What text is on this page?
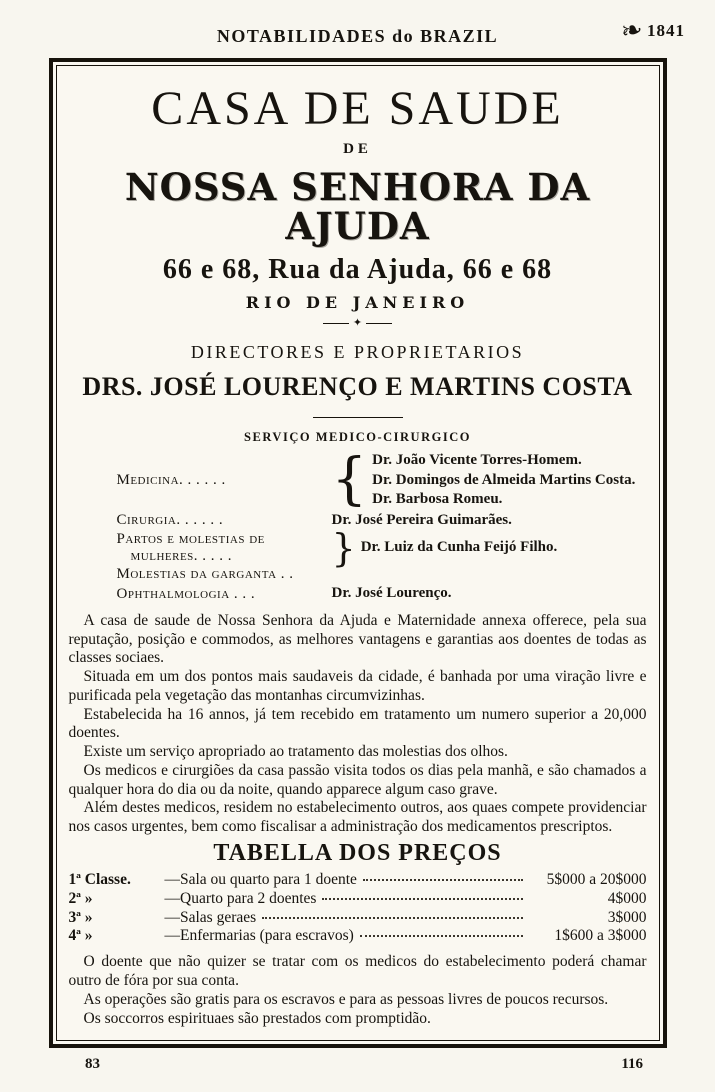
NOTABILIDADES do BRAZIL	❧ 1841
CASA DE SAUDE
DE
NOSSA SENHORA DA AJUDA
66 e 68, Rua da Ajuda, 66 e 68
RIO DE JANEIRO
✦
DIRECTORES E PROPRIETARIOS
DRS. JOSÉ LOURENÇO E MARTINS COSTA
SERVIÇO MEDICO-CIRURGICO
Medicina. . . . . .	{ Dr. João Vicente Torres-Homem.
Dr. Domingos de Almeida Martins Costa.
Dr. Barbosa Romeu.
Cirurgia. . . . . .	Dr. José Pereira Guimarães.
Partos e molestias de
mulheres. . . . .	} Dr. Luiz da Cunha Feijó Filho.
Molestias da garganta . .
Ophthalmologia . . .	Dr. José Lourenço.

A casa de saude de Nossa Senhora da Ajuda e Maternidade annexa offerece, pela sua reputação, posição e commodos, as melhores vantagens e garantias aos doentes de todas as classes sociaes.

Situada em um dos pontos mais saudaveis da cidade, é banhada por uma viração livre e purificada pela vegetação das montanhas circumvizinhas.

Estabelecida ha 16 annos, já tem recebido em tratamento um numero superior a 20,000 doentes.

Existe um serviço apropriado ao tratamento das molestias dos olhos.

Os medicos e cirurgiões da casa passão visita todos os dias pela manhã, e são chamados a qualquer hora do dia ou da noite, quando apparece algum caso grave.

Além destes medicos, residem no estabelecimento outros, aos quaes compete providenciar nos casos urgentes, bem como fiscalisar a administração dos medicamentos prescriptos.

TABELLA DOS PREÇOS
1ª Classe.	—Sala ou quarto para 1 doente	5$000 a 20$000
2ª »	—Quarto para 2 doentes	4$000
3ª »	—Salas geraes	3$000
4ª »	—Enfermarias (para escravos)	1$600 a 3$000

O doente que não quizer se tratar com os medicos do estabelecimento poderá chamar outro de fóra por sua conta.

As operações são gratis para os escravos e para as pessoas livres de poucos recursos.

Os soccorros espirituaes são prestados com promptidão.

83	116
